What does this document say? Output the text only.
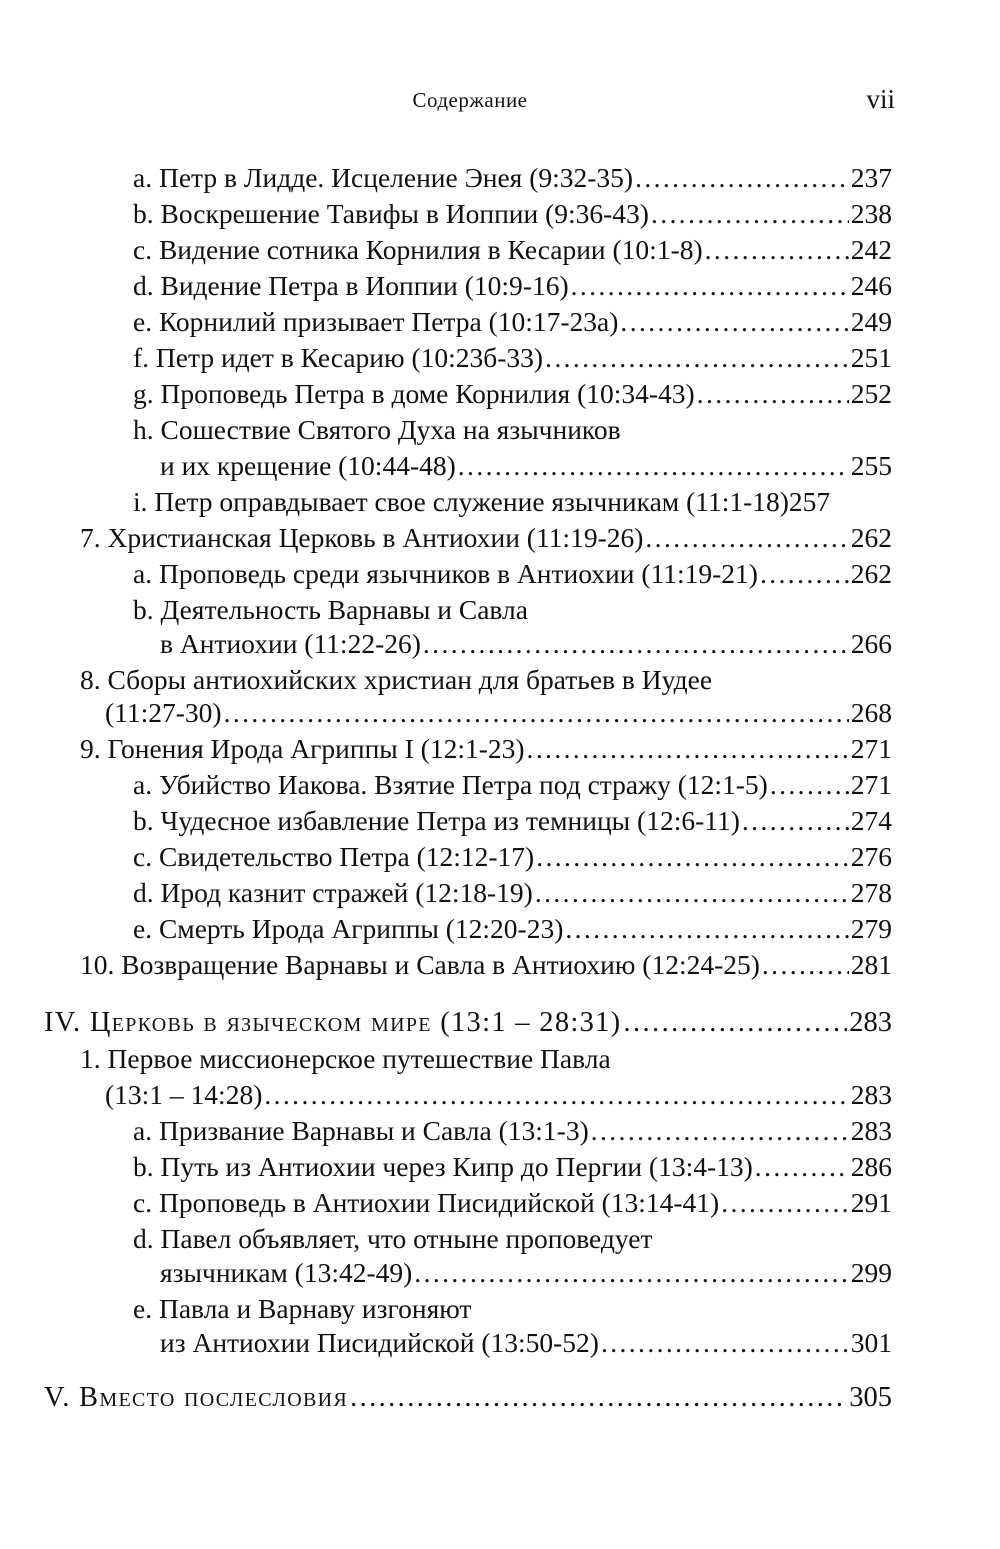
Содержание	vii
a. Петр в Лидде. Исцеление Энея (9:32-35) .....	237
b. Воскрешение Тавифы в Иоппии (9:36-43) .....	238
c. Видение сотника Корнилия в Кесарии (10:1-8) .....	242
d. Видение Петра в Иоппии (10:9-16) .....	246
e. Корнилий призывает Петра (10:17-23а) .....	249
f. Петр идет в Кесарию (10:23б-33) .....	251
g. Проповедь Петра в доме Корнилия (10:34-43) .....	252
h. Сошествие Святого Духа на язычников
и их крещение (10:44-48) .....	255
i. Петр оправдывает свое служение язычникам (11:1-18) 257
7. Христианская Церковь в Антиохии (11:19-26) .....	262
a. Проповедь среди язычников в Антиохии (11:19-21) .....	262
b. Деятельность Варнавы и Савла
в Антиохии (11:22-26) .....	266
8. Сборы антиохийских христиан для братьев в Иудее
(11:27-30) .....	268
9. Гонения Ирода Агриппы I (12:1-23) .....	271
a. Убийство Иакова. Взятие Петра под стражу (12:1-5) .....	271
b. Чудесное избавление Петра из темницы (12:6-11) .....	274
c. Свидетельство Петра (12:12-17) .....	276
d. Ирод казнит стражей (12:18-19) .....	278
e. Смерть Ирода Агриппы (12:20-23) .....	279
10. Возвращение Варнавы и Савла в Антиохию (12:24-25) .....	281
IV. Церковь в языческом мире (13:1 – 28:31) .....	283
1. Первое миссионерское путешествие Павла
(13:1 – 14:28) .....	283
a. Призвание Варнавы и Савла (13:1-3) .....	283
b. Путь из Антиохии через Кипр до Пергии (13:4-13) .....	286
c. Проповедь в Антиохии Писидийской (13:14-41) .....	291
d. Павел объявляет, что отныне проповедует
язычникам (13:42-49) .....	299
e. Павла и Варнаву изгоняют
из Антиохии Писидийской (13:50-52) .....	301
V. Вместо послесловия .....	305
